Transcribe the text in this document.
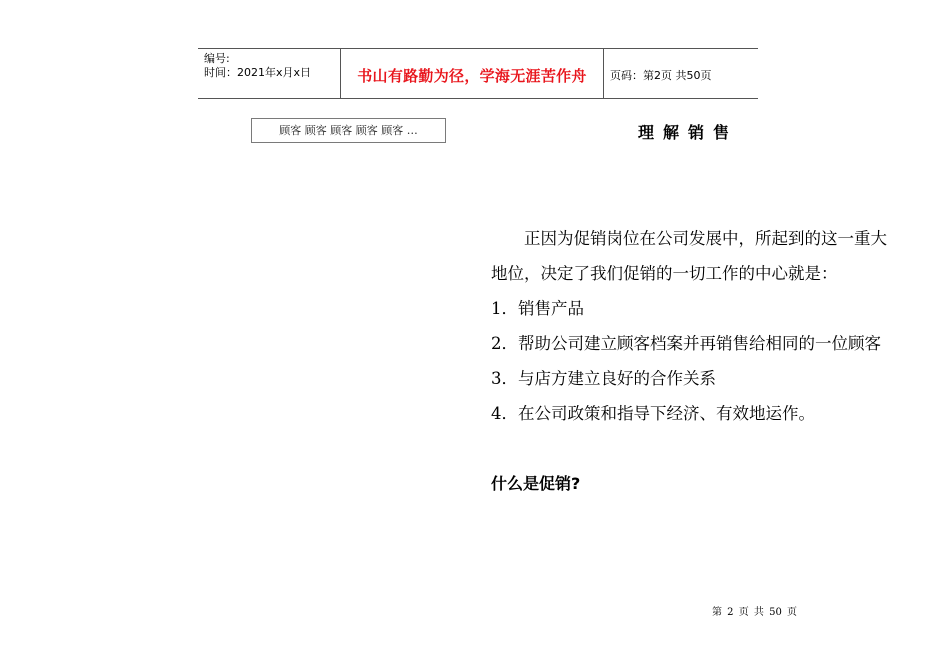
编号:
时间：2021年x月x日	书山有路勤为径，学海无涯苦作舟	页码：第2页 共50页
顾客 顾客 顾客 顾客 顾客 …	理解销售

正因为促销岗位在公司发展中，所起到的这一重大地位，决定了我们促销的一切工作的中心就是：

1．销售产品

2．帮助公司建立顾客档案并再销售给相同的一位顾客

3．与店方建立良好的合作关系

4．在公司政策和指导下经济、有效地运作。

什么是促销?

第 2 页 共 50 页
